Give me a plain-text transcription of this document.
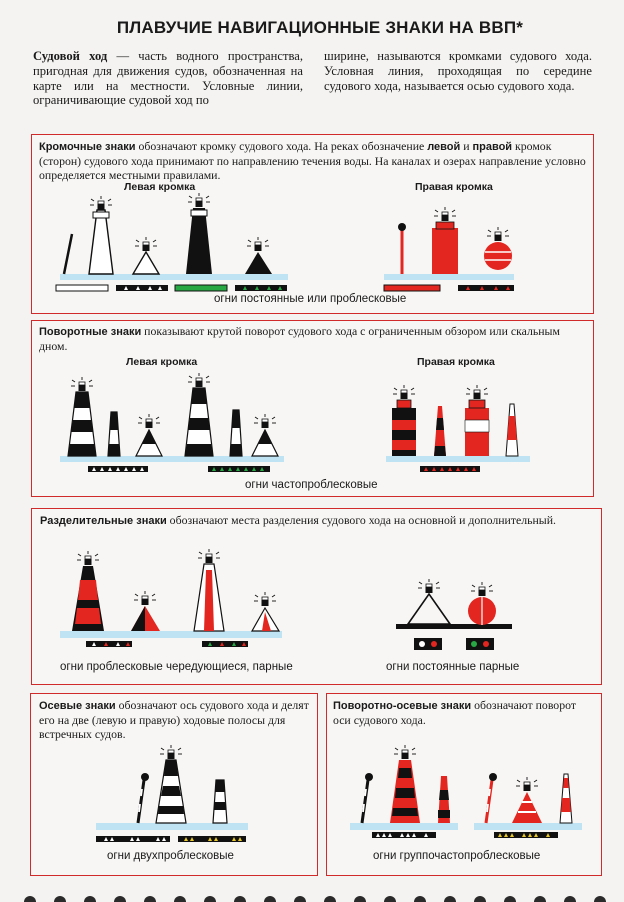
ПЛАВУЧИЕ НАВИГАЦИОННЫЕ ЗНАКИ НА ВВП*
Судовой ход — часть водного пространства, пригодная для движения судов, обозначенная на карте или на местности. Условные линии, ограничивающие судовой ход по
ширине, называются кромками судового хода. Условная линия, проходящая по середине судового хода, называется осью судового хода.
Кромочные знаки обозначают кромку судового хода. На реках обозначение левой и правой кромок (сторон) судового хода принимают по направлению течения воды. На каналах и озерах направление условно определяется местными правилами.
Левая кромка	Правая кромка
огни постоянные или проблесковые
Поворотные знаки показывают крутой поворот судового хода с ограниченным обзором или скальным дном.
Левая кромка	Правая кромка
огни частопроблесковые
Разделительные знаки обозначают места разделения судового хода на основной и дополнительный.
огни проблесковые чередующиеся, парные	огни постоянные парные
Осевые знаки обозначают ось судового хода и делят его на две (левую и правую) ходовые полосы для встречных судов.
огни двухпроблесковые
Поворотно-осевые знаки обозначают поворот оси судового хода.
огни группочастопроблесковые
